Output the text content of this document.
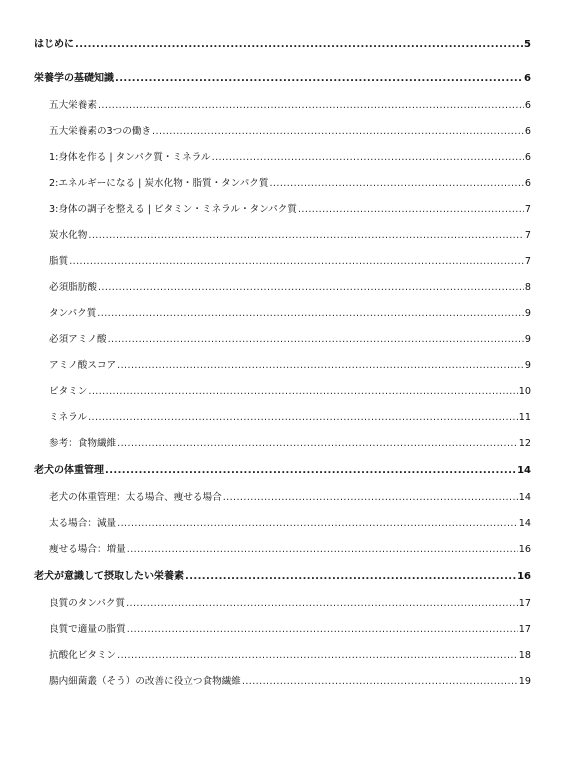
はじめに .....	5
栄養学の基礎知識 .....	6
五大栄養素 .....	6
五大栄養素の3つの働き .....	6
1:身体を作る | タンパク質・ミネラル .....	6
2:エネルギーになる | 炭水化物・脂質・タンパク質 .....	6
3:身体の調子を整える | ビタミン・ミネラル・タンパク質 .....	7
炭水化物 .....	7
脂質 .....	7
必須脂肪酸 .....	8
タンパク質 .....	9
必須アミノ酸 .....	9
アミノ酸スコア .....	9
ビタミン .....	10
ミネラル .....	11
参考：食物繊維 .....	12
老犬の体重管理 .....	14
老犬の体重管理：太る場合、痩せる場合 .....	14
太る場合：減量 .....	14
痩せる場合：増量 .....	16
老犬が意識して摂取したい栄養素 .....	16
良質のタンパク質 .....	17
良質で適量の脂質 .....	17
抗酸化ビタミン .....	18
腸内細菌叢（そう）の改善に役立つ食物繊維 .....	19
